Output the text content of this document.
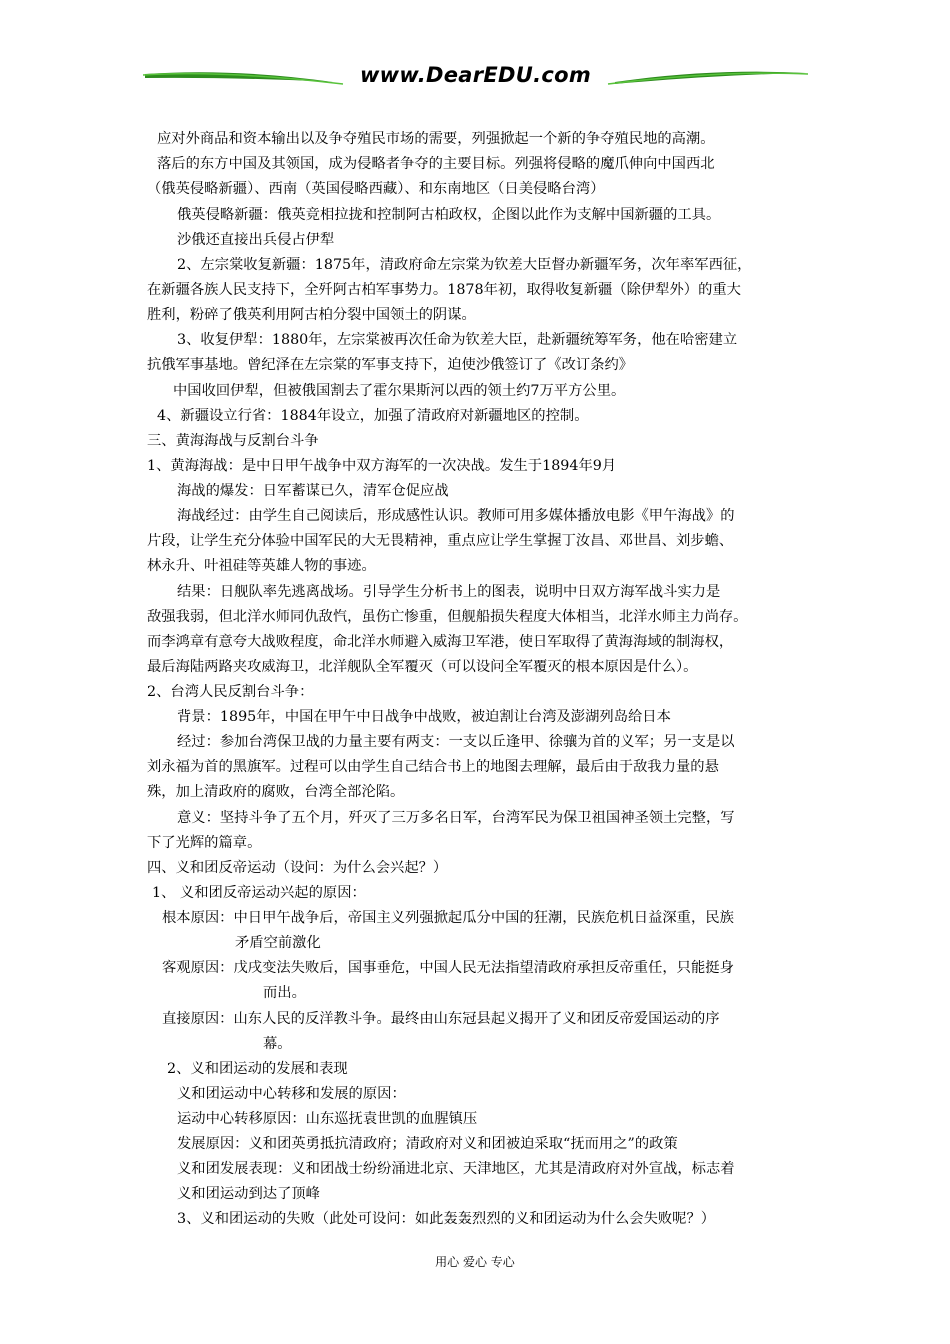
www.DearEDU.com
应对外商品和资本输出以及争夺殖民市场的需要，列强掀起一个新的争夺殖民地的高潮。
落后的东方中国及其领国，成为侵略者争夺的主要目标。列强将侵略的魔爪伸向中国西北
（俄英侵略新疆）、西南（英国侵略西藏）、和东南地区（日美侵略台湾）
俄英侵略新疆：俄英竞相拉拢和控制阿古柏政权，企图以此作为支解中国新疆的工具。
沙俄还直接出兵侵占伊犁
2、左宗棠收复新疆：1875年，清政府命左宗棠为钦差大臣督办新疆军务，次年率军西征，
在新疆各族人民支持下，全歼阿古柏军事势力。1878年初，取得收复新疆（除伊犁外）的重大
胜利，粉碎了俄英利用阿古柏分裂中国领土的阴谋。
3、收复伊犁：1880年，左宗棠被再次任命为钦差大臣，赴新疆统筹军务，他在哈密建立
抗俄军事基地。曾纪泽在左宗棠的军事支持下，迫使沙俄签订了《改订条约》
中国收回伊犁，但被俄国割去了霍尔果斯河以西的领土约7万平方公里。
4、新疆设立行省：1884年设立，加强了清政府对新疆地区的控制。
三、黄海海战与反割台斗争
1、黄海海战：是中日甲午战争中双方海军的一次决战。发生于1894年9月
海战的爆发：日军蓄谋已久，清军仓促应战
海战经过：由学生自己阅读后，形成感性认识。教师可用多媒体播放电影《甲午海战》的
片段，让学生充分体验中国军民的大无畏精神，重点应让学生掌握丁汝昌、邓世昌、刘步蟾、
林永升、叶祖硅等英雄人物的事迹。
结果：日舰队率先逃离战场。引导学生分析书上的图表，说明中日双方海军战斗实力是
敌强我弱，但北洋水师同仇敌忾，虽伤亡惨重，但舰船损失程度大体相当，北洋水师主力尚存。
而李鸿章有意夸大战败程度，命北洋水师避入威海卫军港，使日军取得了黄海海域的制海权，
最后海陆两路夹攻威海卫，北洋舰队全军覆灭（可以设问全军覆灭的根本原因是什么）。
2、台湾人民反割台斗争：
背景：1895年，中国在甲午中日战争中战败，被迫割让台湾及澎湖列岛给日本
经过：参加台湾保卫战的力量主要有两支：一支以丘逢甲、徐骧为首的义军；另一支是以
刘永福为首的黑旗军。过程可以由学生自己结合书上的地图去理解，最后由于敌我力量的悬
殊，加上清政府的腐败，台湾全部沦陷。
意义：坚持斗争了五个月，歼灭了三万多名日军，台湾军民为保卫祖国神圣领土完整，写
下了光辉的篇章。
四、义和团反帝运动（设问：为什么会兴起？）
1、 义和团反帝运动兴起的原因：
根本原因：中日甲午战争后，帝国主义列强掀起瓜分中国的狂潮，民族危机日益深重，民族
矛盾空前激化
客观原因：戊戌变法失败后，国事垂危，中国人民无法指望清政府承担反帝重任，只能挺身
而出。
直接原因：山东人民的反洋教斗争。最终由山东冠县起义揭开了义和团反帝爱国运动的序
幕。
2、义和团运动的发展和表现
义和团运动中心转移和发展的原因：
运动中心转移原因：山东巡抚袁世凯的血腥镇压
发展原因：义和团英勇抵抗清政府；清政府对义和团被迫采取“抚而用之”的政策
义和团发展表现：义和团战士纷纷涌进北京、天津地区，尤其是清政府对外宣战，标志着
义和团运动到达了顶峰
3、义和团运动的失败（此处可设问：如此轰轰烈烈的义和团运动为什么会失败呢？）
用心 爱心 专心
